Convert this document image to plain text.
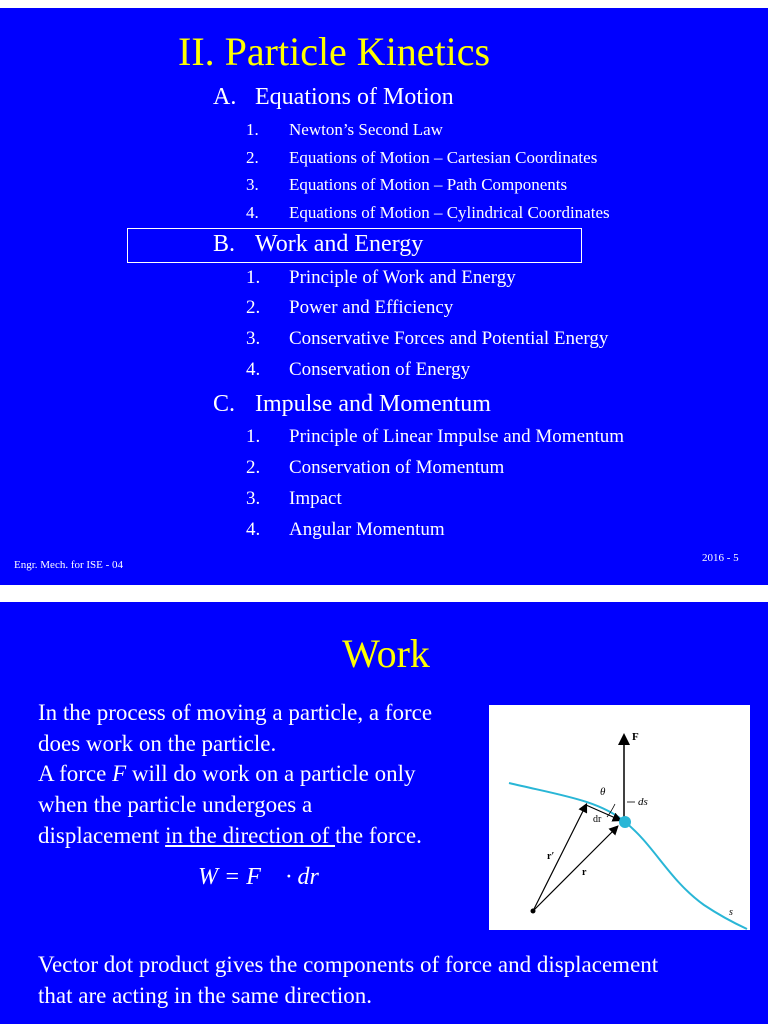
II. Particle Kinetics
A. Equations of Motion
1. Newton’s Second Law
2. Equations of Motion – Cartesian Coordinates
3. Equations of Motion – Path Components
4. Equations of Motion – Cylindrical Coordinates
B. Work and Energy
1. Principle of Work and Energy
2. Power and Efficiency
3. Conservative Forces and Potential Energy
4. Conservation of Energy
C. Impulse and Momentum
1. Principle of Linear Impulse and Momentum
2. Conservation of Momentum
3. Impact
4. Angular Momentum
Engr. Mech. for ISE - 04
2016 - 5
Work
In the process of moving a particle, a force
does work on the particle.
A force F will do work on a particle only
when the particle undergoes a
displacement in the direction of the force.
W = F⃗ · dr⃗
Vector dot product gives the components of force and displacement
that are acting in the same direction.
F
θ
ds
dr
r′
r
s
